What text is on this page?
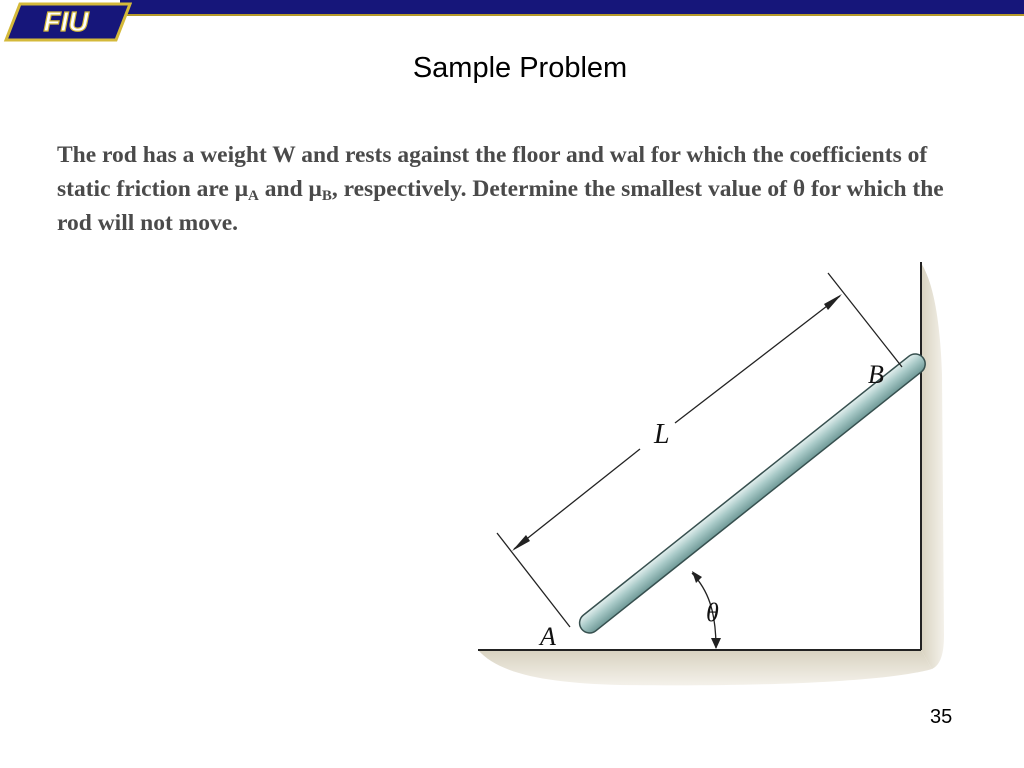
FIU
Sample Problem
The rod has a weight W and rests against the floor and wal for which the coefficients of static friction are $\mu_A$ and $\mu_B$, respectively. Determine the smallest value of θ for which the rod will not move.
A
B
L
θ
35
